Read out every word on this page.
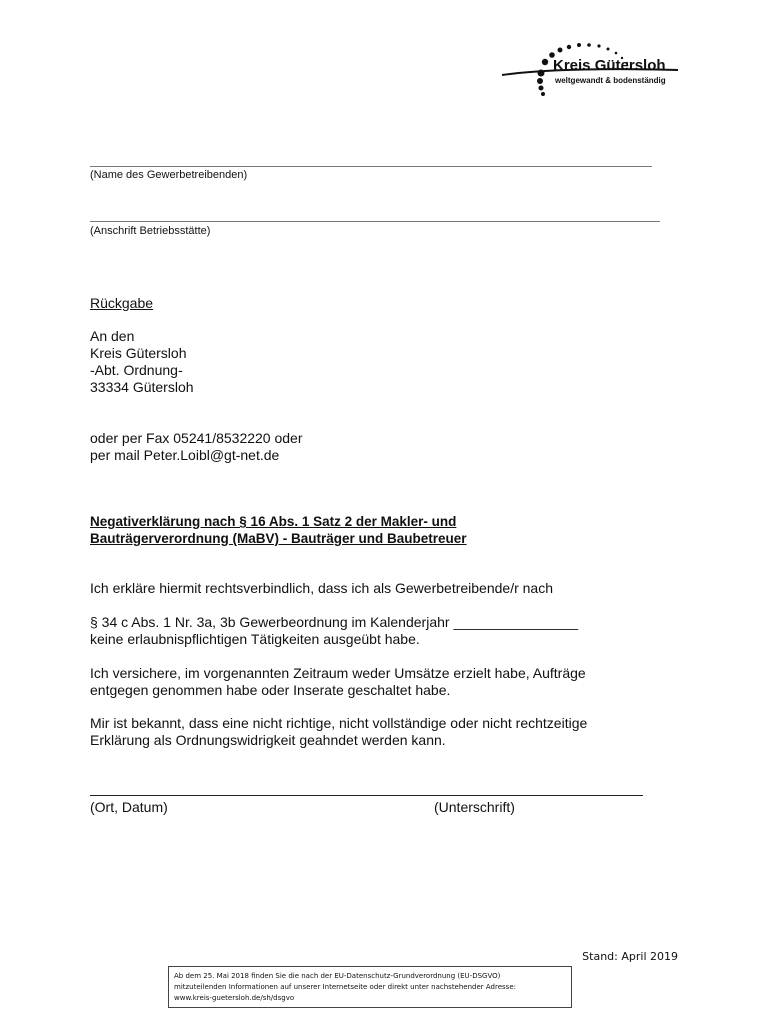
Kreis Gütersloh
weltgewandt & bodenständig
(Name des Gewerbetreibenden)
(Anschrift Betriebsstätte)
Rückgabe
An den
Kreis Gütersloh
-Abt. Ordnung-
33334 Gütersloh
oder per Fax 05241/8532220 oder
per mail Peter.Loibl@gt-net.de
Negativerklärung nach § 16 Abs. 1 Satz 2 der Makler- und
Bauträgerverordnung (MaBV) - Bauträger und Baubetreuer
Ich erkläre hiermit rechtsverbindlich, dass ich als Gewerbetreibende/r nach
§ 34 c Abs. 1 Nr. 3a, 3b Gewerbeordnung im Kalenderjahr ________________
keine erlaubnispflichtigen Tätigkeiten ausgeübt habe.
Ich versichere, im vorgenannten Zeitraum weder Umsätze erzielt habe, Aufträge
entgegen genommen habe oder Inserate geschaltet habe.
Mir ist bekannt, dass eine nicht richtige, nicht vollständige oder nicht rechtzeitige
Erklärung als Ordnungswidrigkeit geahndet werden kann.
(Ort, Datum)	(Unterschrift)
Stand: April 2019
Ab dem 25. Mai 2018 finden Sie die nach der EU-Datenschutz-Grundverordnung (EU-DSGVO)
mitzuteilenden Informationen auf unserer Internetseite oder direkt unter nachstehender Adresse:
www.kreis-guetersloh.de/sh/dsgvo
